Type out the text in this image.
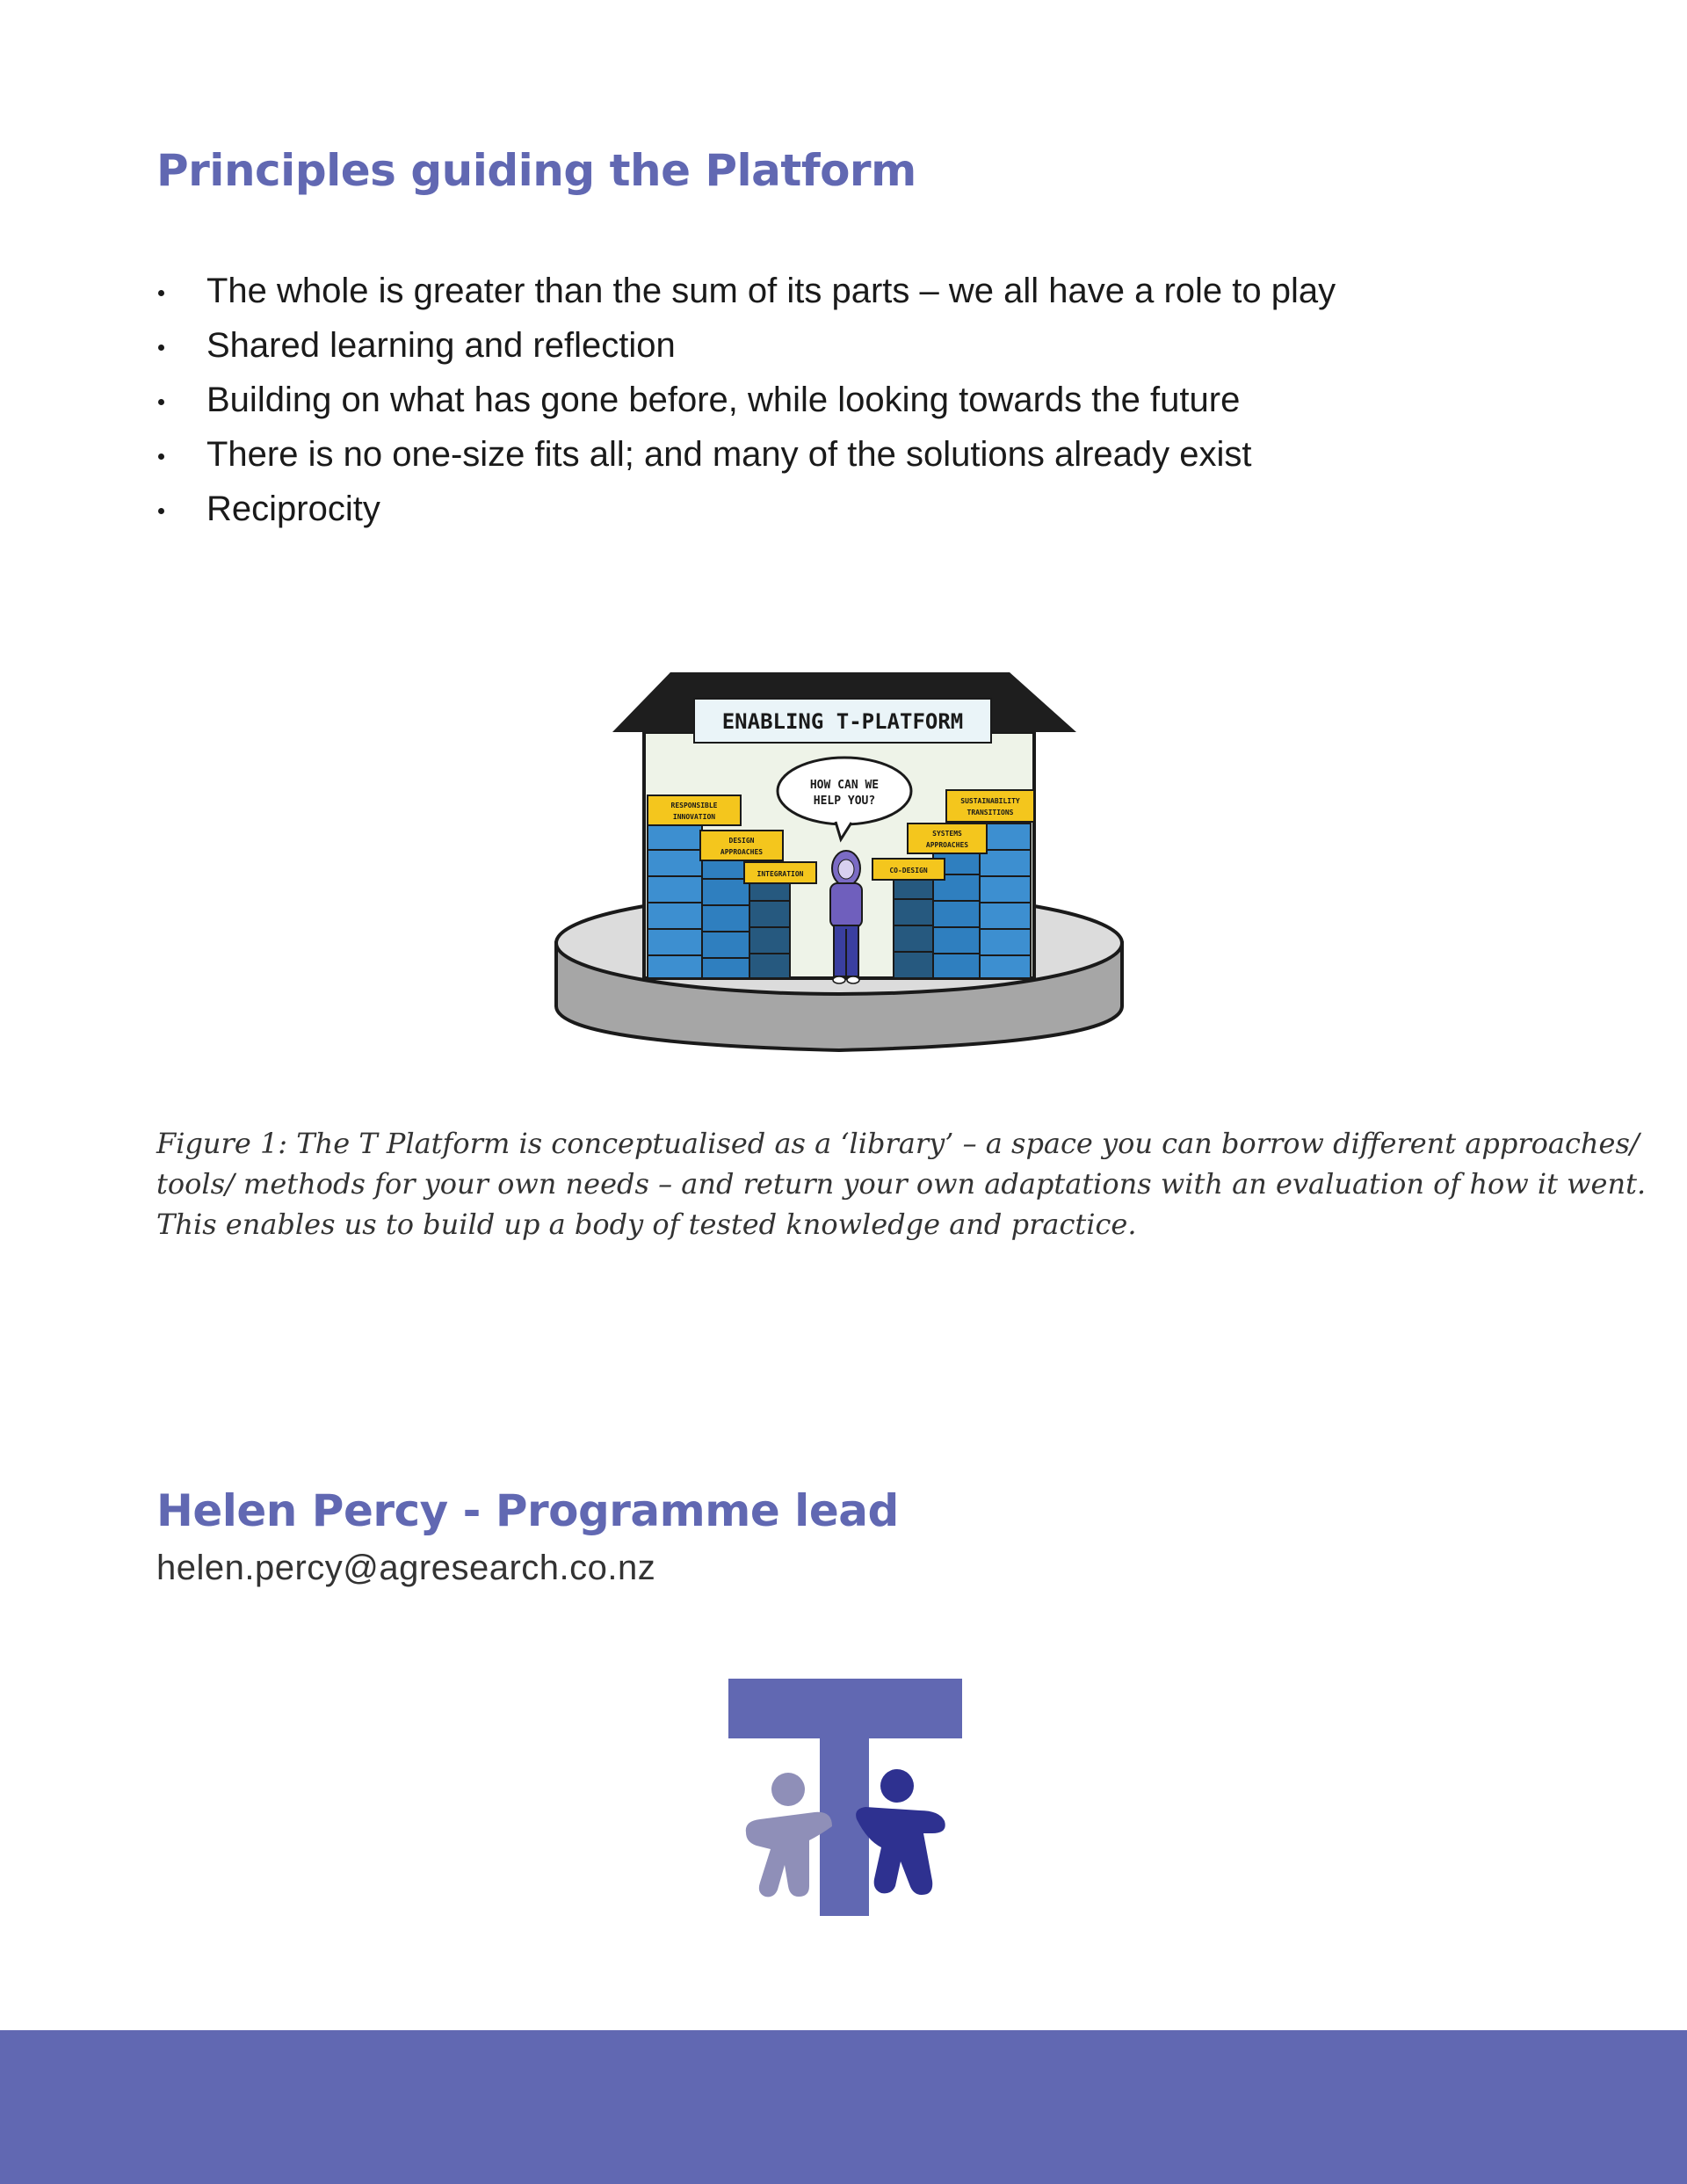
Principles guiding the Platform
The whole is greater than the sum of its parts – we all have a role to play
Shared learning and reflection
Building on what has gone before, while looking towards the future
There is no one-size fits all; and many of the solutions already exist
Reciprocity
ENABLING T-PLATFORM
RESPONSIBLE
INNOVATION
DESIGN
APPROACHES
INTEGRATION	CO-DESIGN
SYSTEMS
APPROACHES
SUSTAINABILITY
TRANSITIONS
HOW CAN WE
HELP YOU?

Figure 1: The T Platform is conceptualised as a ‘library’ – a space you can borrow different approaches/
tools/ methods for your own needs – and return your own adaptations with an evaluation of how it went.
This enables us to build up a body of tested knowledge and practice.

Helen Percy - Programme lead

helen.percy@agresearch.co.nz
